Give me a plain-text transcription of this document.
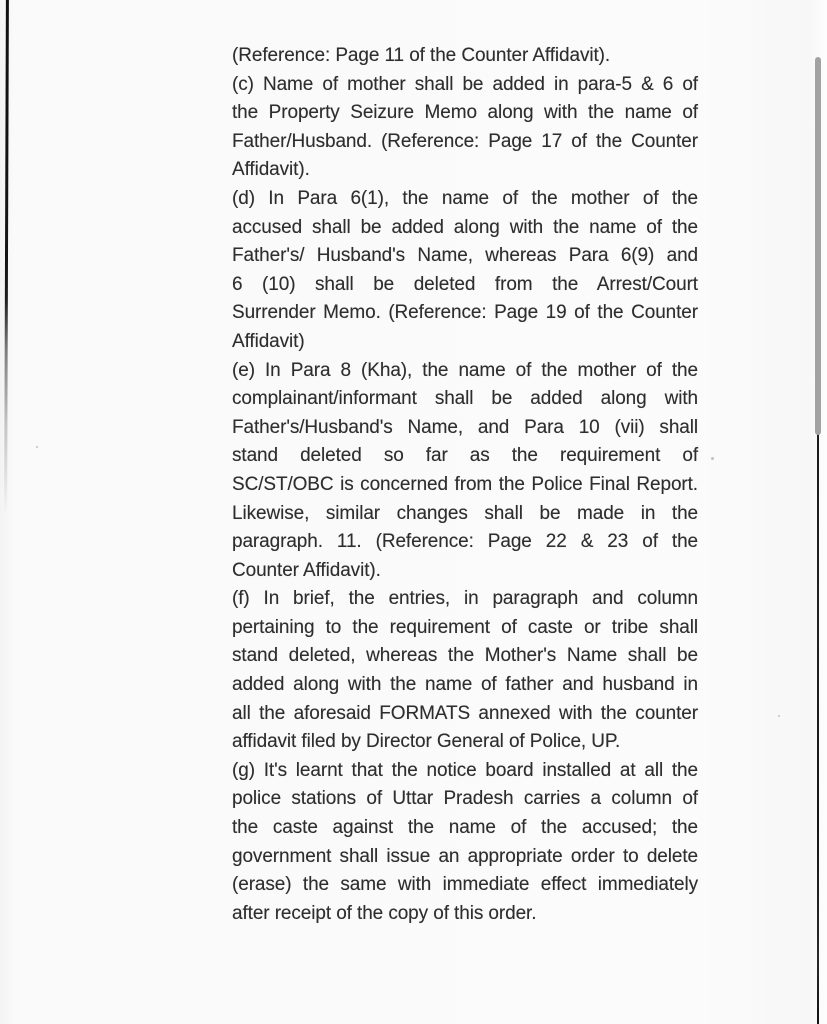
(Reference: Page 11 of the Counter Affidavit).
(c) Name of mother shall be added in para-5 & 6 of
the Property Seizure Memo along with the name of
Father/Husband. (Reference: Page 17 of the Counter
Affidavit).
(d) In Para 6(1), the name of the mother of the
accused shall be added along with the name of the
Father's/ Husband's Name, whereas Para 6(9) and
6 (10) shall be deleted from the Arrest/Court
Surrender Memo. (Reference: Page 19 of the Counter
Affidavit)
(e) In Para 8 (Kha), the name of the mother of the
complainant/informant shall be added along with
Father's/Husband's Name, and Para 10 (vii) shall
stand deleted so far as the requirement of
SC/ST/OBC is concerned from the Police Final Report.
Likewise, similar changes shall be made in the
paragraph. 11. (Reference: Page 22 & 23 of the
Counter Affidavit).
(f) In brief, the entries, in paragraph and column
pertaining to the requirement of caste or tribe shall
stand deleted, whereas the Mother's Name shall be
added along with the name of father and husband in
all the aforesaid FORMATS annexed with the counter
affidavit filed by Director General of Police, UP.
(g) It's learnt that the notice board installed at all the
police stations of Uttar Pradesh carries a column of
the caste against the name of the accused; the
government shall issue an appropriate order to delete
(erase) the same with immediate effect immediately
after receipt of the copy of this order.
